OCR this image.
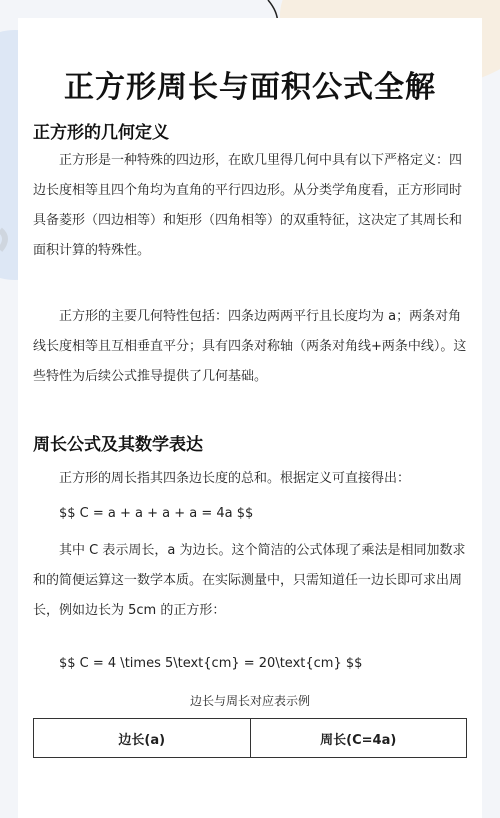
正方形周长与面积公式全解
正方形的几何定义

正方形是一种特殊的四边形，在欧几里得几何中具有以下严格定义：四边长度相等且四个角均为直角的平行四边形。从分类学角度看，正方形同时具备菱形（四边相等）和矩形（四角相等）的双重特征，这决定了其周长和面积计算的特殊性。

正方形的主要几何特性包括：四条边两两平行且长度均为 a；两条对角线长度相等且互相垂直平分；具有四条对称轴（两条对角线+两条中线）。这些特性为后续公式推导提供了几何基础。

周长公式及其数学表达

正方形的周长指其四条边长度的总和。根据定义可直接得出：

$$ C = a + a + a + a = 4a $$

其中 C 表示周长，a 为边长。这个简洁的公式体现了乘法是相同加数求和的简便运算这一数学本质。在实际测量中，只需知道任一边长即可求出周长，例如边长为 5cm 的正方形：

$$ C = 4 \times 5\text{cm} = 20\text{cm} $$

边长与周长对应表示例

边长(a)	周长(C=4a)
